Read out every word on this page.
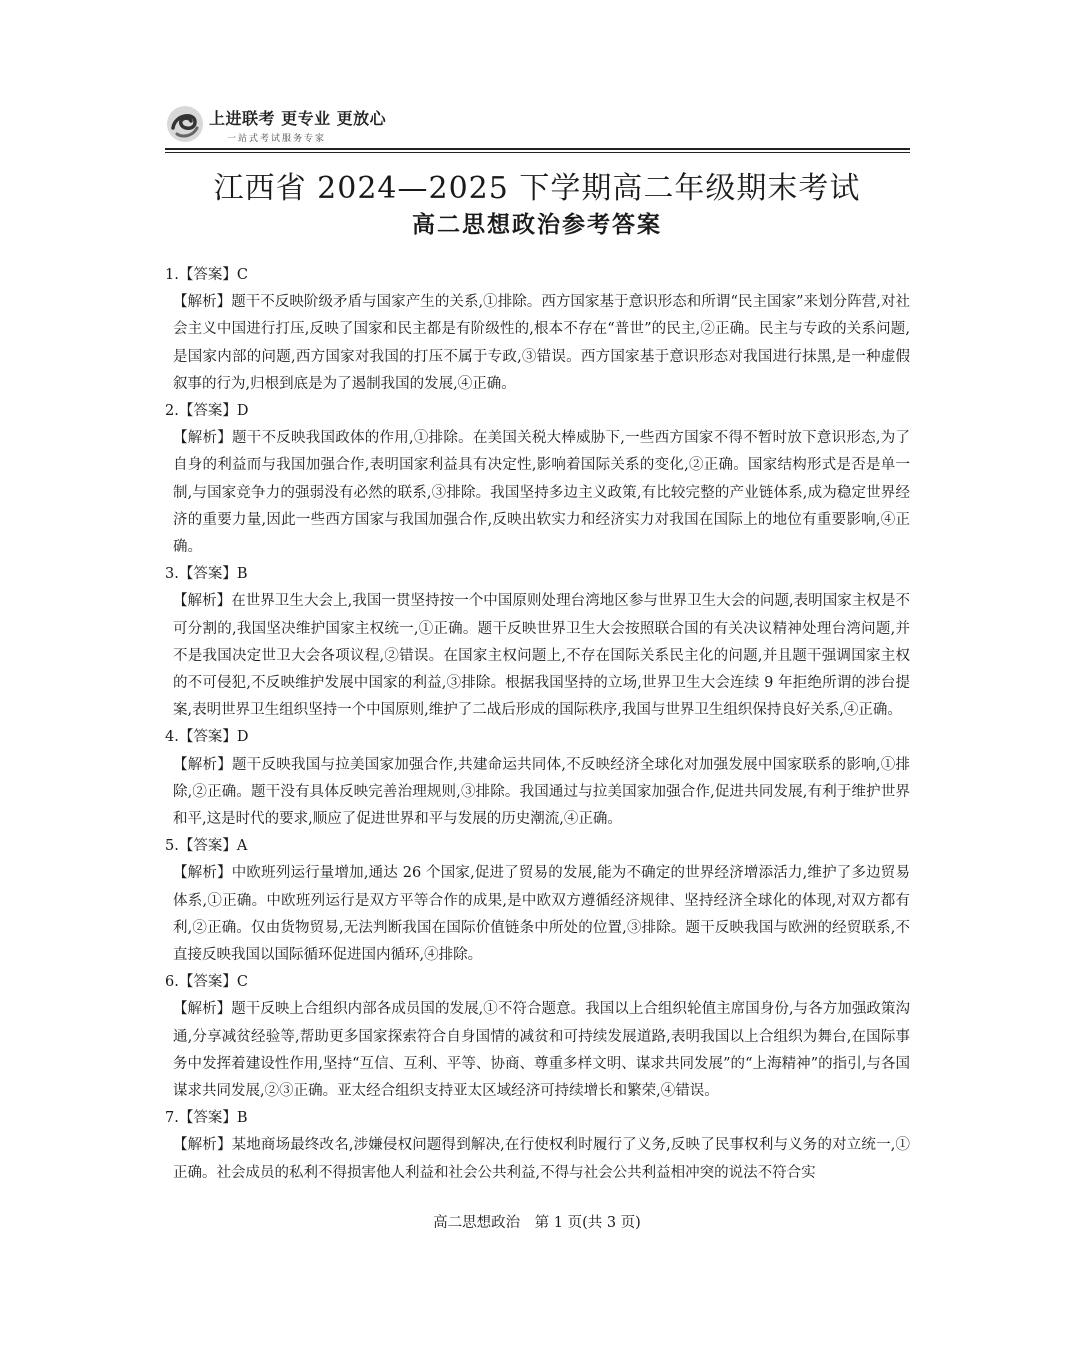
上进联考 更专业 更放心
一站式考试服务专家
江西省 2024—2025 下学期高二年级期末考试
高二思想政治参考答案
1.【答案】C
【解析】题干不反映阶级矛盾与国家产生的关系,①排除。西方国家基于意识形态和所谓“民主国家”来划分阵营,对社会主义中国进行打压,反映了国家和民主都是有阶级性的,根本不存在“普世”的民主,②正确。民主与专政的关系问题,是国家内部的问题,西方国家对我国的打压不属于专政,③错误。西方国家基于意识形态对我国进行抹黑,是一种虚假叙事的行为,归根到底是为了遏制我国的发展,④正确。
2.【答案】D
【解析】题干不反映我国政体的作用,①排除。在美国关税大棒威胁下,一些西方国家不得不暂时放下意识形态,为了自身的利益而与我国加强合作,表明国家利益具有决定性,影响着国际关系的变化,②正确。国家结构形式是否是单一制,与国家竞争力的强弱没有必然的联系,③排除。我国坚持多边主义政策,有比较完整的产业链体系,成为稳定世界经济的重要力量,因此一些西方国家与我国加强合作,反映出软实力和经济实力对我国在国际上的地位有重要影响,④正确。
3.【答案】B
【解析】在世界卫生大会上,我国一贯坚持按一个中国原则处理台湾地区参与世界卫生大会的问题,表明国家主权是不可分割的,我国坚决维护国家主权统一,①正确。题干反映世界卫生大会按照联合国的有关决议精神处理台湾问题,并不是我国决定世卫大会各项议程,②错误。在国家主权问题上,不存在国际关系民主化的问题,并且题干强调国家主权的不可侵犯,不反映维护发展中国家的利益,③排除。根据我国坚持的立场,世界卫生大会连续 9 年拒绝所谓的涉台提案,表明世界卫生组织坚持一个中国原则,维护了二战后形成的国际秩序,我国与世界卫生组织保持良好关系,④正确。
4.【答案】D
【解析】题干反映我国与拉美国家加强合作,共建命运共同体,不反映经济全球化对加强发展中国家联系的影响,①排除,②正确。题干没有具体反映完善治理规则,③排除。我国通过与拉美国家加强合作,促进共同发展,有利于维护世界和平,这是时代的要求,顺应了促进世界和平与发展的历史潮流,④正确。
5.【答案】A
【解析】中欧班列运行量增加,通达 26 个国家,促进了贸易的发展,能为不确定的世界经济增添活力,维护了多边贸易体系,①正确。中欧班列运行是双方平等合作的成果,是中欧双方遵循经济规律、坚持经济全球化的体现,对双方都有利,②正确。仅由货物贸易,无法判断我国在国际价值链条中所处的位置,③排除。题干反映我国与欧洲的经贸联系,不直接反映我国以国际循环促进国内循环,④排除。
6.【答案】C
【解析】题干反映上合组织内部各成员国的发展,①不符合题意。我国以上合组织轮值主席国身份,与各方加强政策沟通,分享减贫经验等,帮助更多国家探索符合自身国情的减贫和可持续发展道路,表明我国以上合组织为舞台,在国际事务中发挥着建设性作用,坚持“互信、互利、平等、协商、尊重多样文明、谋求共同发展”的“上海精神”的指引,与各国谋求共同发展,②③正确。亚太经合组织支持亚太区域经济可持续增长和繁荣,④错误。
7.【答案】B
【解析】某地商场最终改名,涉嫌侵权问题得到解决,在行使权利时履行了义务,反映了民事权利与义务的对立统一,①正确。社会成员的私利不得损害他人利益和社会公共利益,不得与社会公共利益相冲突的说法不符合实
高二思想政治　第 1 页(共 3 页)
